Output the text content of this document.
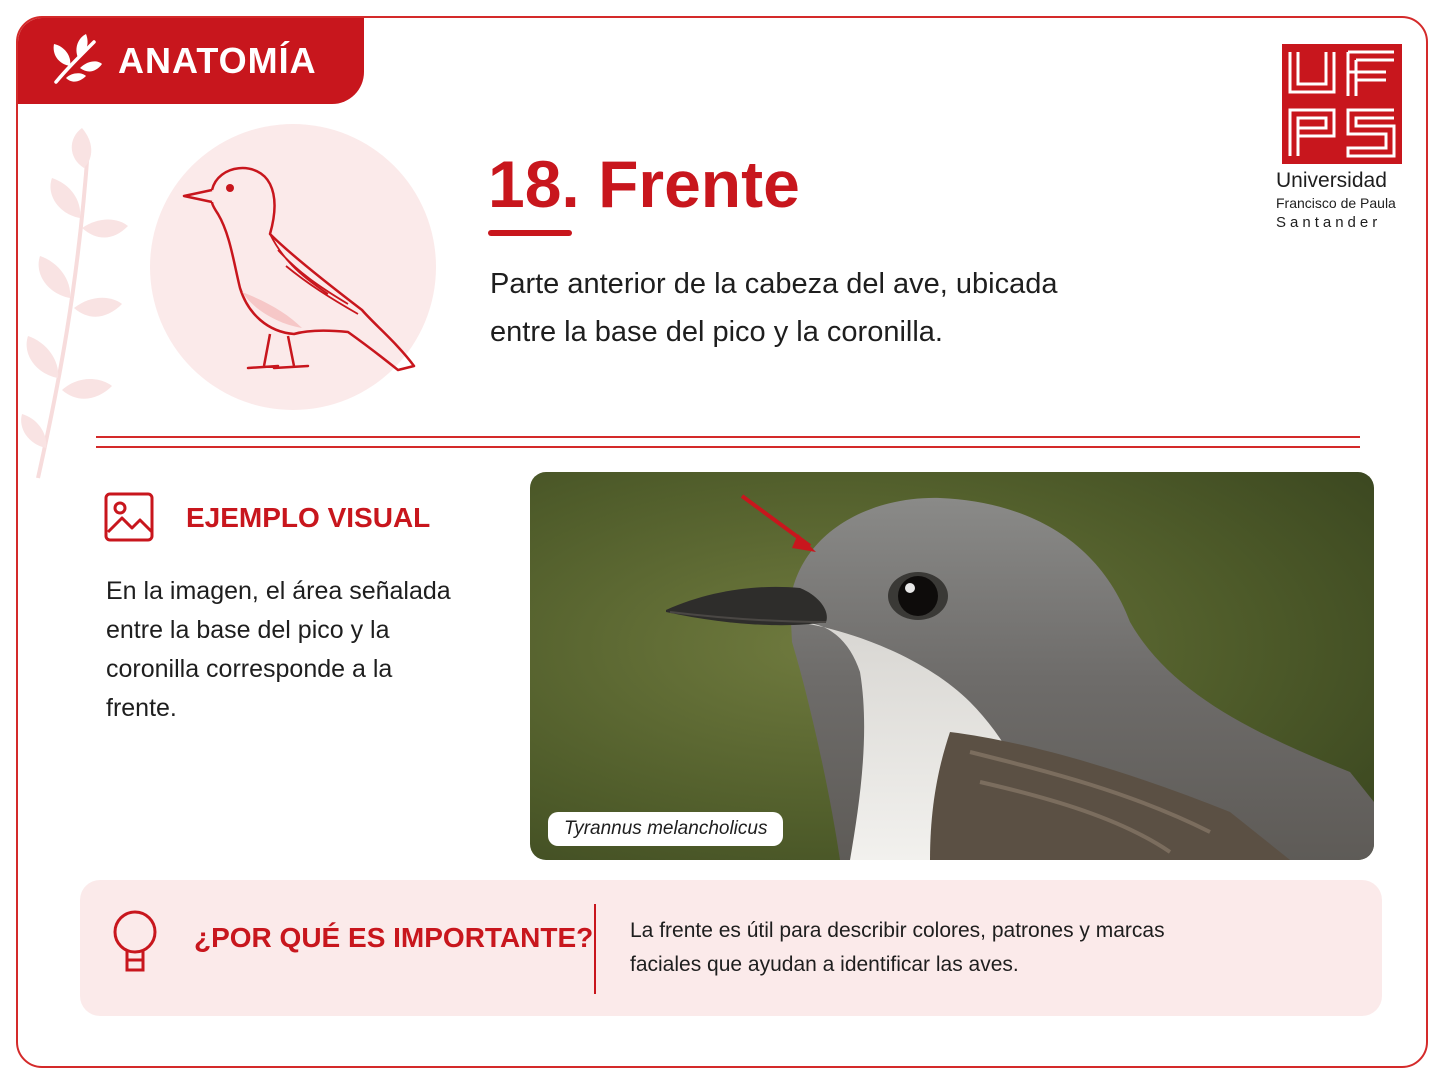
ANATOMÍA
18. Frente
Parte anterior de la cabeza del ave, ubicada entre la base del pico y la coronilla.
Universidad
Francisco de Paula
Santander
EJEMPLO VISUAL
En la imagen, el área señalada entre la base del pico y la coronilla corresponde a la frente.
Tyrannus melancholicus
¿POR QUÉ ES IMPORTANTE? La frente es útil para describir colores, patrones y marcas faciales que ayudan a identificar las aves.
